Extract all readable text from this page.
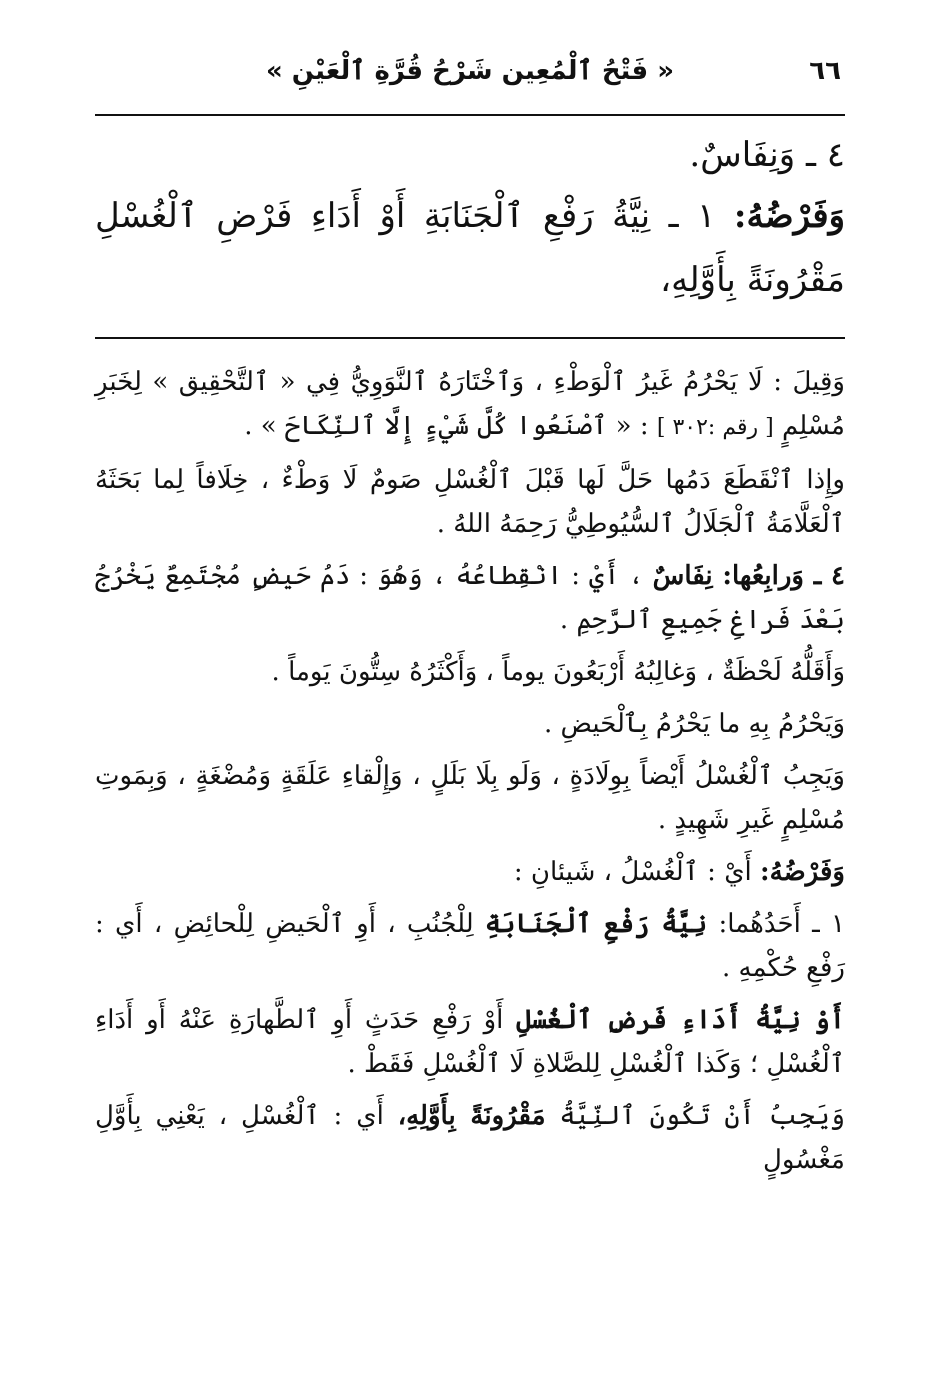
٦٦
« فَتْحُ ٱلْمُعِين شَرْحُ قُرَّةِ ٱلْعَيْنِ »
٤ ـ وَنِفَاسٌ.

وَفَرْضُهُ: ١ ـ نِيَّةُ رَفْعِ ٱلْجَنَابَةِ أَوْ أَدَاءِ فَرْضِ ٱلْغُسْلِ مَقْرُونَةً بِأَوَّلِهِ،

وَقِيلَ : لَا يَحْرُمُ غَيرُ ٱلْوَطْءِ ، وَٱخْتَارَهُ ٱلنَّوَوِيُّ فِي « ٱلتَّحْقِيق » لِخَبَرِ مُسْلِمٍ [ رقم :٣٠٢ ] : « ٱصْنَعُوا كُلَّ شَيْءٍ إِلَّا ٱلنِّكَاحَ » .

وإِذا ٱنْقَطَعَ دَمُها حَلَّ لَها قَبْلَ ٱلْغُسْلِ صَومٌ لَا وَطْءٌ ، خِلَافاً لِما بَحَثَهُ ٱلْعَلَّامَةُ ٱلْجَلَالُ ٱلسُّيُوطِيُّ رَحِمَهُ اللهُ .

٤ ـ وَرابِعُها: نِفَاسٌ ، أَيْ : انْقِطاعُهُ ، وَهُوَ : دَمُ حَيضٍ مُجْتَمِعٌ يَخْرُجُ بَعْدَ فَراغِ جَمِيعِ ٱلرَّحِمِ .

وَأَقَلُّهُ لَحْظَةٌ ، وَغالِبُهُ أَرْبَعُونَ يوماً ، وَأَكْثَرُهُ سِتُّونَ يَوماً .

وَيَحْرُمُ بِهِ ما يَحْرُمُ بِٱلْحَيضِ .

وَيَجِبُ ٱلْغُسْلُ أَيْضاً بِوِلَادَةٍ ، وَلَو بِلَا بَلَلٍ ، وَإِلْقاءِ عَلَقَةٍ وَمُضْغَةٍ ، وَبِمَوتِ مُسْلِمٍ غَيرِ شَهِيدٍ .

وَفَرْضُهُ: أَيْ : ٱلْغُسْلُ ، شَيئانِ :

١ ـ أَحَدُهُما: نِيَّةُ رَفْعِ ٱلْجَنَابَةِ لِلْجُنُبِ ، أَوِ ٱلْحَيضِ لِلْحائِضِ ، أَي : رَفْعِ حُكْمِهِ .

أَوْ نِيَّةُ أَدَاءِ فَرضِ ٱلْغُسْلِ أَوْ رَفْعِ حَدَثٍ أَوِ ٱلطَّهارَةِ عَنْهُ أَو أَدَاءِ ٱلْغُسْلِ ؛ وَكَذا ٱلْغُسْلِ لِلصَّلاةِ لَا ٱلْغُسْلِ فَقَطْ .

وَيَجِبُ أَنْ تَكُونَ ٱلنِّيَّةُ مَقْرُونَةً بِأَوَّلِهِ، أَي : ٱلْغُسْلِ ، يَعْنِي بِأَوَّلِ مَغْسُولٍ
